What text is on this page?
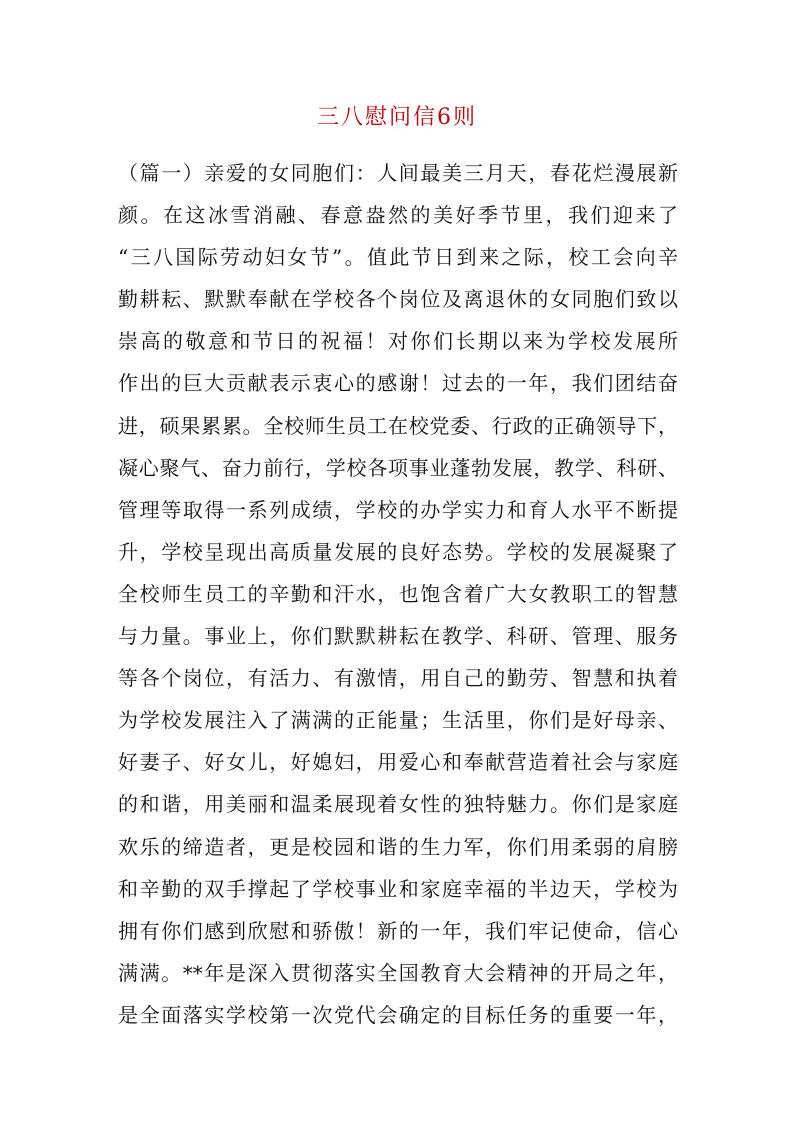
三八慰问信6则
（篇一）亲爱的女同胞们：人间最美三月天，春花烂漫展新
颜。在这冰雪消融、春意盎然的美好季节里，我们迎来了
“三八国际劳动妇女节”。值此节日到来之际，校工会向辛
勤耕耘、默默奉献在学校各个岗位及离退休的女同胞们致以
崇高的敬意和节日的祝福！对你们长期以来为学校发展所
作出的巨大贡献表示衷心的感谢！过去的一年，我们团结奋
进，硕果累累。全校师生员工在校党委、行政的正确领导下，
凝心聚气、奋力前行，学校各项事业蓬勃发展，教学、科研、
管理等取得一系列成绩，学校的办学实力和育人水平不断提
升，学校呈现出高质量发展的良好态势。学校的发展凝聚了
全校师生员工的辛勤和汗水，也饱含着广大女教职工的智慧
与力量。事业上，你们默默耕耘在教学、科研、管理、服务
等各个岗位，有活力、有激情，用自己的勤劳、智慧和执着
为学校发展注入了满满的正能量；生活里，你们是好母亲、
好妻子、好女儿，好媳妇，用爱心和奉献营造着社会与家庭
的和谐，用美丽和温柔展现着女性的独特魅力。你们是家庭
欢乐的缔造者，更是校园和谐的生力军，你们用柔弱的肩膀
和辛勤的双手撑起了学校事业和家庭幸福的半边天，学校为
拥有你们感到欣慰和骄傲！新的一年，我们牢记使命，信心
满满。**年是深入贯彻落实全国教育大会精神的开局之年，
是全面落实学校第一次党代会确定的目标任务的重要一年，
